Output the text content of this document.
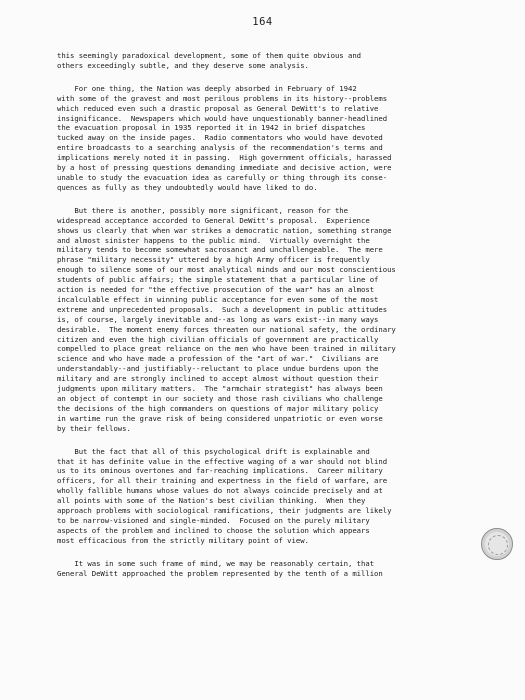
164
this seemingly paradoxical development, some of them quite obvious and
others exceedingly subtle, and they deserve some analysis.
For one thing, the Nation was deeply absorbed in February of 1942
with some of the gravest and most perilous problems in its history--problems
which reduced even such a drastic proposal as General DeWitt's to relative
insignificance.  Newspapers which would have unquestionably banner-headlined
the evacuation proposal in 1935 reported it in 1942 in brief dispatches
tucked away on the inside pages.  Radio commentators who would have devoted
entire broadcasts to a searching analysis of the recommendation's terms and
implications merely noted it in passing.  High government officials, harassed
by a host of pressing questions demanding immediate and decisive action, were
unable to study the evacuation idea as carefully or thing through its conse-
quences as fully as they undoubtedly would have liked to do.
But there is another, possibly more significant, reason for the
widespread acceptance accorded to General DeWitt's proposal.  Experience
shows us clearly that when war strikes a democratic nation, something strange
and almost sinister happens to the public mind.  Virtually overnight the
military tends to become somewhat sacrosanct and unchallengeable.  The mere
phrase "military necessity" uttered by a high Army officer is frequently
enough to silence some of our most analytical minds and our most conscientious
students of public affairs; the simple statement that a particular line of
action is needed for "the effective prosecution of the war" has an almost
incalculable effect in winning public acceptance for even some of the most
extreme and unprecedented proposals.  Such a development in public attitudes
is, of course, largely inevitable and--as long as wars exist--in many ways
desirable.  The moment enemy forces threaten our national safety, the ordinary
citizen and even the high civilian officials of government are practically
compelled to place great reliance on the men who have been trained in military
science and who have made a profession of the "art of war."  Civilians are
understandably--and justifiably--reluctant to place undue burdens upon the
military and are strongly inclined to accept almost without question their
judgments upon military matters.  The "armchair strategist" has always been
an object of contempt in our society and those rash civilians who challenge
the decisions of the high commanders on questions of major military policy
in wartime run the grave risk of being considered unpatriotic or even worse
by their fellows.
But the fact that all of this psychological drift is explainable and
that it has definite value in the effective waging of a war should not blind
us to its ominous overtones and far-reaching implications.  Career military
officers, for all their training and expertness in the field of warfare, are
wholly fallible humans whose values do not always coincide precisely and at
all points with some of the Nation's best civilian thinking.  When they
approach problems with sociological ramifications, their judgments are likely
to be narrow-visioned and single-minded.  Focused on the purely military
aspects of the problem and inclined to choose the solution which appears
most efficacious from the strictly military point of view.
It was in some such frame of mind, we may be reasonably certain, that
General DeWitt approached the problem represented by the tenth of a million
